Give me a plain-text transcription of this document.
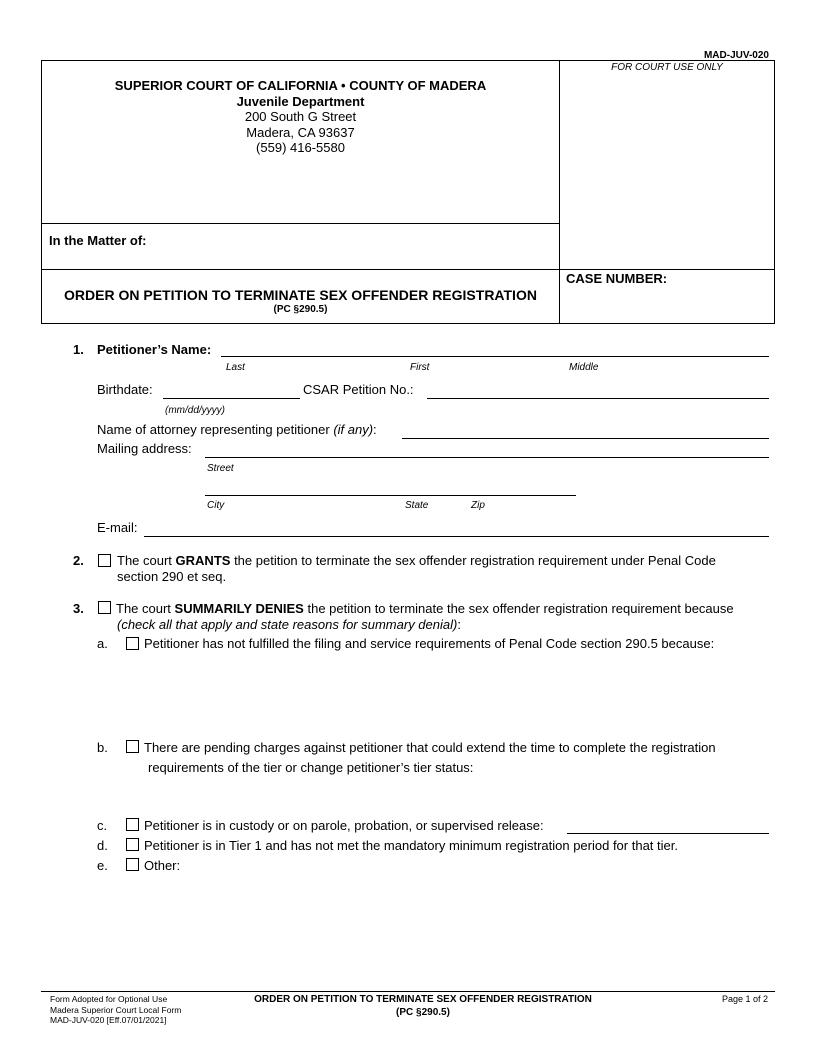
MAD-JUV-020
FOR COURT USE ONLY
SUPERIOR COURT OF CALIFORNIA • COUNTY OF MADERA
Juvenile Department
200 South G Street
Madera, CA 93637
(559) 416-5580
In the Matter of:
CASE NUMBER:
ORDER ON PETITION TO TERMINATE SEX OFFENDER REGISTRATION
(PC §290.5)
1. Petitioner’s Name:
Last	First	Middle
Birthdate:
(mm/dd/yyyy)
CSAR Petition No.:
Name of attorney representing petitioner (if any):
Mailing address:
Street
City	State	Zip
E-mail:
2.	The court GRANTS the petition to terminate the sex offender registration requirement under Penal Code
section 290 et seq.
3. The court SUMMARILY DENIES the petition to terminate the sex offender registration requirement because
(check all that apply and state reasons for summary denial):
a.	Petitioner has not fulfilled the filing and service requirements of Penal Code section 290.5 because:
b.	There are pending charges against petitioner that could extend the time to complete the registration
requirements of the tier or change petitioner’s tier status:
c.	Petitioner is in custody or on parole, probation, or supervised release:
d.	Petitioner is in Tier 1 and has not met the mandatory minimum registration period for that tier.
e.	Other:
Form Adopted for Optional Use
Madera Superior Court Local Form
MAD-JUV-020 [Eff.07/01/2021]
ORDER ON PETITION TO TERMINATE SEX OFFENDER REGISTRATION
(PC §290.5)
Page 1 of 2
